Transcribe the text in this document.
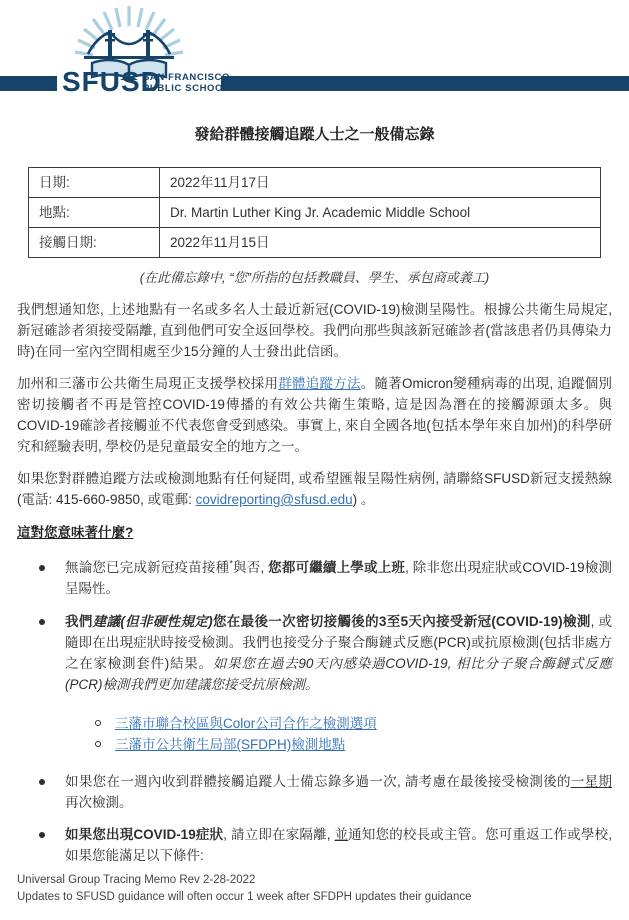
SFUSD
SAN FRANCISCO
PUBLIC SCHOOLS
發給群體接觸追蹤人士之一般備忘錄
日期:	2022年11月17日
地點:	Dr. Martin Luther King Jr. Academic Middle School
接觸日期:	2022年11月15日
(在此備忘錄中, “您”所指的包括教職員、學生、承包商或義工)
我們想通知您, 上述地點有一名或多名人士最近新冠(COVID-19)檢測呈陽性。根據公共衛生局規定, 新冠確診者須接受隔離, 直到他們可安全返回學校。我們向那些與該新冠確診者(當該患者仍具傳染力時)在同一室內空間相處至少15分鐘的人士發出此信函。
加州和三藩市公共衛生局現正支援學校採用群體追蹤方法。隨著Omicron變種病毒的出現, 追蹤個別密切接觸者不再是管控COVID-19傳播的有效公共衛生策略, 這是因為潛在的接觸源頭太多。與COVID-19確診者接觸並不代表您會受到感染。事實上, 來自全國各地(包括本學年來自加州)的科學研究和經驗表明, 學校仍是兒童最安全的地方之一。
如果您對群體追蹤方法或檢測地點有任何疑問, 或希望匯報呈陽性病例, 請聯絡SFUSD新冠支援熱線 (電話: 415-660-9850, 或電郵: covidreporting@sfusd.edu) 。
這對您意味著什麼?
無論您已完成新冠疫苗接種*與否, 您都可繼續上學或上班, 除非您出現症狀或COVID-19檢測呈陽性。
我們建議(但非硬性規定)您在最後一次密切接觸後的3至5天內接受新冠(COVID-19)檢測, 或隨即在出現症狀時接受檢測。我們也接受分子聚合酶鏈式反應(PCR)或抗原檢測(包括非處方之在家檢測套件)結果。如果您在過去90天內感染過COVID-19, 相比分子聚合酶鏈式反應(PCR)檢測我們更加建議您接受抗原檢測。
三藩市聯合校區與Color公司合作之檢測選項
三藩市公共衛生局部(SFDPH)檢測地點
如果您在一週內收到群體接觸追蹤人士備忘錄多過一次, 請考慮在最後接受檢測後的一星期再次檢測。
如果您出現COVID-19症狀, 請立即在家隔離, 並通知您的校長或主管。您可重返工作或學校, 如果您能滿足以下條件:
Universal Group Tracing Memo Rev 2-28-2022
Updates to SFUSD guidance will often occur 1 week after SFDPH updates their guidance
